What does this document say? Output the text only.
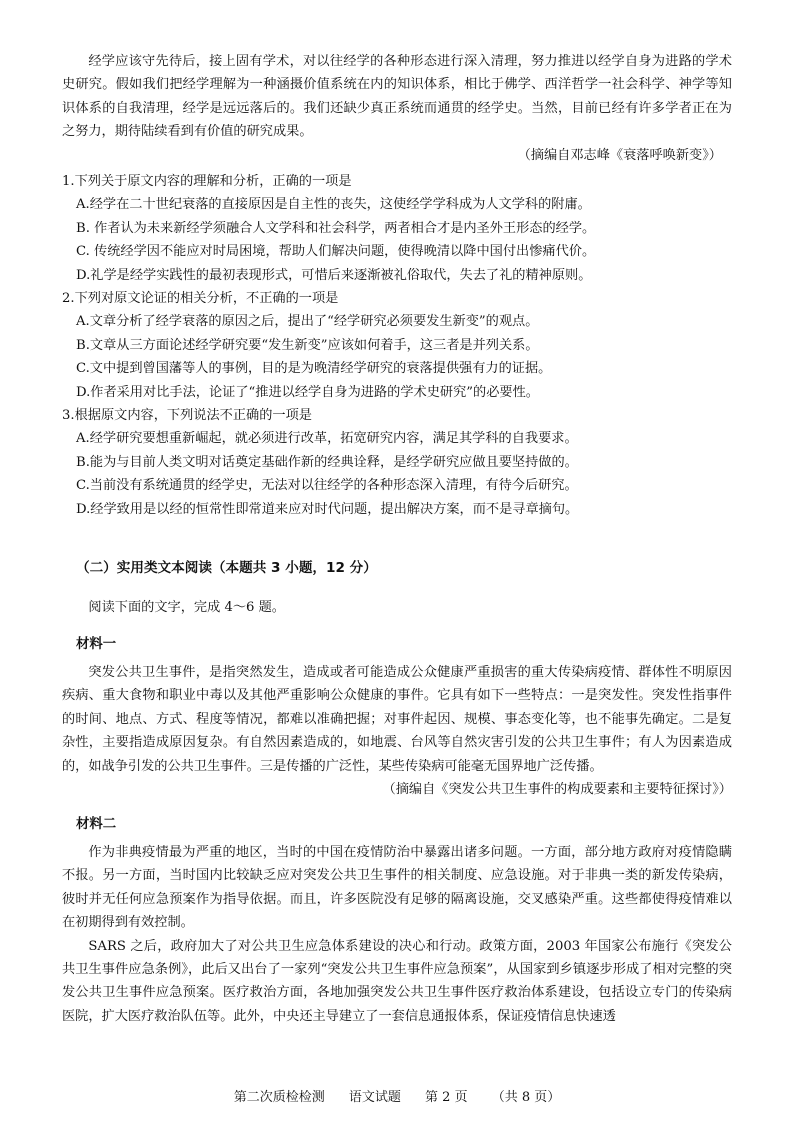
经学应该守先待后，接上固有学术，对以往经学的各种形态进行深入清理，努力推进以经学自身为进路的学术史研究。假如我们把经学理解为一种涵摄价值系统在内的知识体系，相比于佛学、西洋哲学一社会科学、神学等知识体系的自我清理，经学是远远落后的。我们还缺少真正系统而通贯的经学史。当然，目前已经有许多学者正在为之努力，期待陆续看到有价值的研究成果。

（摘编自邓志峰《衰落呼唤新变》）

1.下列关于原文内容的理解和分析，正确的一项是

A.经学在二十世纪衰落的直接原因是自主性的丧失，这使经学学科成为人文学科的附庸。

B. 作者认为未来新经学须融合人文学科和社会科学，两者相合才是内圣外王形态的经学。

C. 传统经学因不能应对时局困境，帮助人们解决问题，使得晚清以降中国付出惨痛代价。

D.礼学是经学实践性的最初表现形式，可惜后来逐渐被礼俗取代，失去了礼的精神原则。

2.下列对原文论证的相关分析，不正确的一项是

A.文章分析了经学衰落的原因之后，提出了“经学研究必须要发生新变”的观点。

B.文章从三方面论述经学研究要“发生新变”应该如何着手，这三者是并列关系。

C.文中提到曾国藩等人的事例，目的是为晚清经学研究的衰落提供强有力的证据。

D.作者采用对比手法，论证了“推进以经学自身为进路的学术史研究”的必要性。

3.根据原文内容，下列说法不正确的一项是

A.经学研究要想重新崛起，就必须进行改革，拓宽研究内容，满足其学科的自我要求。

B.能为与目前人类文明对话奠定基础作新的经典诠释，是经学研究应做且要坚持做的。

C.当前没有系统通贯的经学史，无法对以往经学的各种形态深入清理，有待今后研究。

D.经学致用是以经的恒常性即常道来应对时代问题，提出解决方案，而不是寻章摘句。

（二）实用类文本阅读（本题共 3 小题，12 分）

阅读下面的文字，完成 4～6 题。

材料一

突发公共卫生事件，是指突然发生，造成或者可能造成公众健康严重损害的重大传染病疫情、群体性不明原因疾病、重大食物和职业中毒以及其他严重影响公众健康的事件。它具有如下一些特点：一是突发性。突发性指事件的时间、地点、方式、程度等情况，都难以准确把握；对事件起因、规模、事态变化等，也不能事先确定。二是复杂性，主要指造成原因复杂。有自然因素造成的，如地震、台风等自然灾害引发的公共卫生事件；有人为因素造成的，如战争引发的公共卫生事件。三是传播的广泛性，某些传染病可能毫无国界地广泛传播。

（摘编自《突发公共卫生事件的构成要素和主要特征探讨》）

材料二

作为非典疫情最为严重的地区，当时的中国在疫情防治中暴露出诸多问题。一方面，部分地方政府对疫情隐瞒不报。另一方面，当时国内比较缺乏应对突发公共卫生事件的相关制度、应急设施。对于非典一类的新发传染病，彼时并无任何应急预案作为指导依据。而且，许多医院没有足够的隔离设施，交叉感染严重。这些都使得疫情难以在初期得到有效控制。

SARS 之后，政府加大了对公共卫生应急体系建设的决心和行动。政策方面，2003 年国家公布施行《突发公共卫生事件应急条例》，此后又出台了一家列“突发公共卫生事件应急预案”，从国家到乡镇逐步形成了相对完整的突发公共卫生事件应急预案。医疗救治方面，各地加强突发公共卫生事件医疗救治体系建设，包括设立专门的传染病医院，扩大医疗救治队伍等。此外，中央还主导建立了一套信息通报体系，保证疫情信息快速透

第二次质检检测 语文试题 第 2 页 （共 8 页）
